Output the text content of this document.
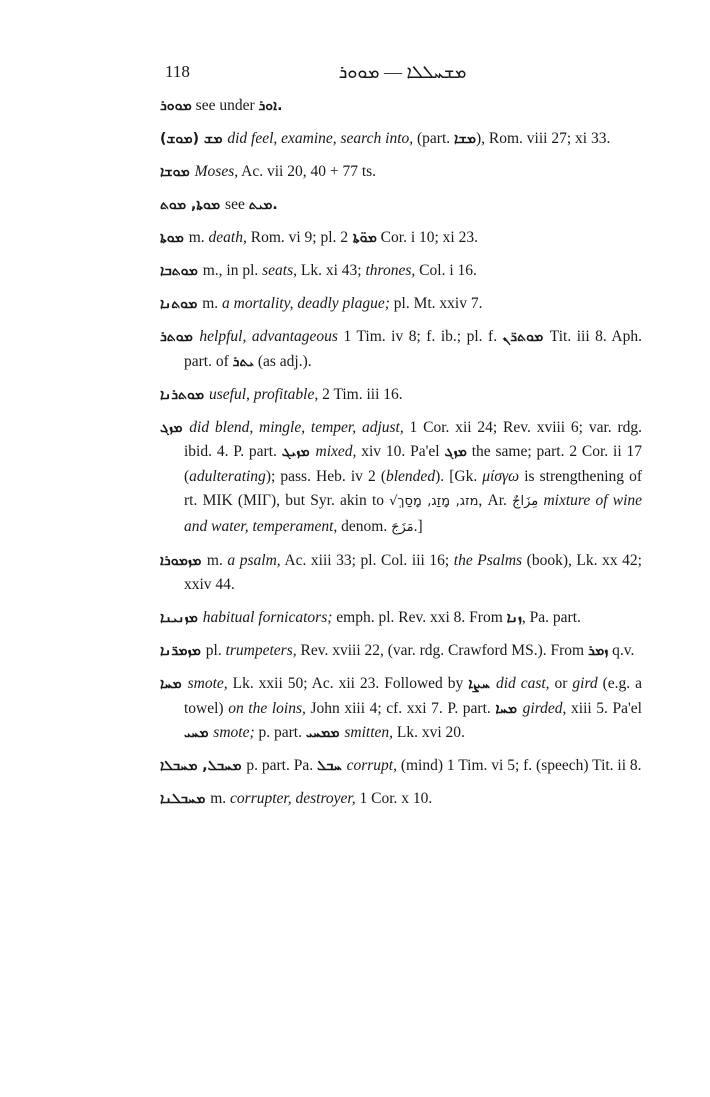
118	ܡܫܚܠܠܐ — ܡܘܘܪ

ܡܘܘܪ see under ܐܘܪ.

(ܡܘܫ) ܡܫ did feel, examine, search into, (part. ܡܫܐ), Rom. viii 27; xi 33.

ܡܘܫܐ Moses, Ac. vii 20, 40 + 77 ts.

ܡܘܬܐ, ܡܘܬ see ܡܝܬ.

ܡܘܬܐ m. death, Rom. vi 9; pl. ܡܘ̈ܬܐ 2 Cor. i 10; xi 23.

ܡܘܬܒܐ m., in pl. seats, Lk. xi 43; thrones, Col. i 16.

ܡܘܬܢܐ m. a mortality, deadly plague; pl. Mt. xxiv 7.

ܡܘܬܪ helpful, advantageous 1 Tim. iv 8; f. ib.; pl. f. ܡܘܬܪ̈ܢ Tit. iii 8. Aph. part. of ܝܬܪ (as adj.).

ܡܘܬܪܢܐ useful, profitable, 2 Tim. iii 16.

ܡܙܓ did blend, mingle, temper, adjust, 1 Cor. xii 24; Rev. xviii 6; var. rdg. ibid. 4. P. part. ܡܙܝܓ mixed, xiv 10. Pa'el ܡܙܓ the same; part. 2 Cor. ii 17 (adulterating); pass. Heb. iv 2 (blended). [Gk. μίσγω is strengthening of rt. MIK (ΜΙΓ), but Syr. akin to √מזג, מָזַג, מָסַךְ, Ar. مِزَاجٌ mixture of wine and water, temperament, denom. مَزَجَ.]

ܡܙܡܘܪܐ m. a psalm, Ac. xiii 33; pl. Col. iii 16; the Psalms (book), Lk. xx 42; xxiv 44.

ܡܙܢܝܢܐ habitual fornicators; emph. pl. Rev. xxi 8. From ܙܢܐ, Pa. part.

ܡܙܡܪ̈ܢܐ pl. trumpeters, Rev. xviii 22, (var. rdg. Crawford MS.). From ܙܡܪ q.v.

ܡܚܐ smote, Lk. xxii 50; Ac. xii 23. Followed by ܚܨܐ did cast, or gird (e.g. a towel) on the loins, John xiii 4; cf. xxi 7. P. part. ܡܚܐ girded, xiii 5. Pa'el ܡܚܝ smote; p. part. ܡܡܚܝ smitten, Lk. xvi 20.

ܡܚܒܠ, ܡܚܒܠܐ p. part. Pa. ܚܒܠ corrupt, (mind) 1 Tim. vi 5; f. (speech) Tit. ii 8.

ܡܚܒܠܢܐ m. corrupter, destroyer, 1 Cor. x 10.
